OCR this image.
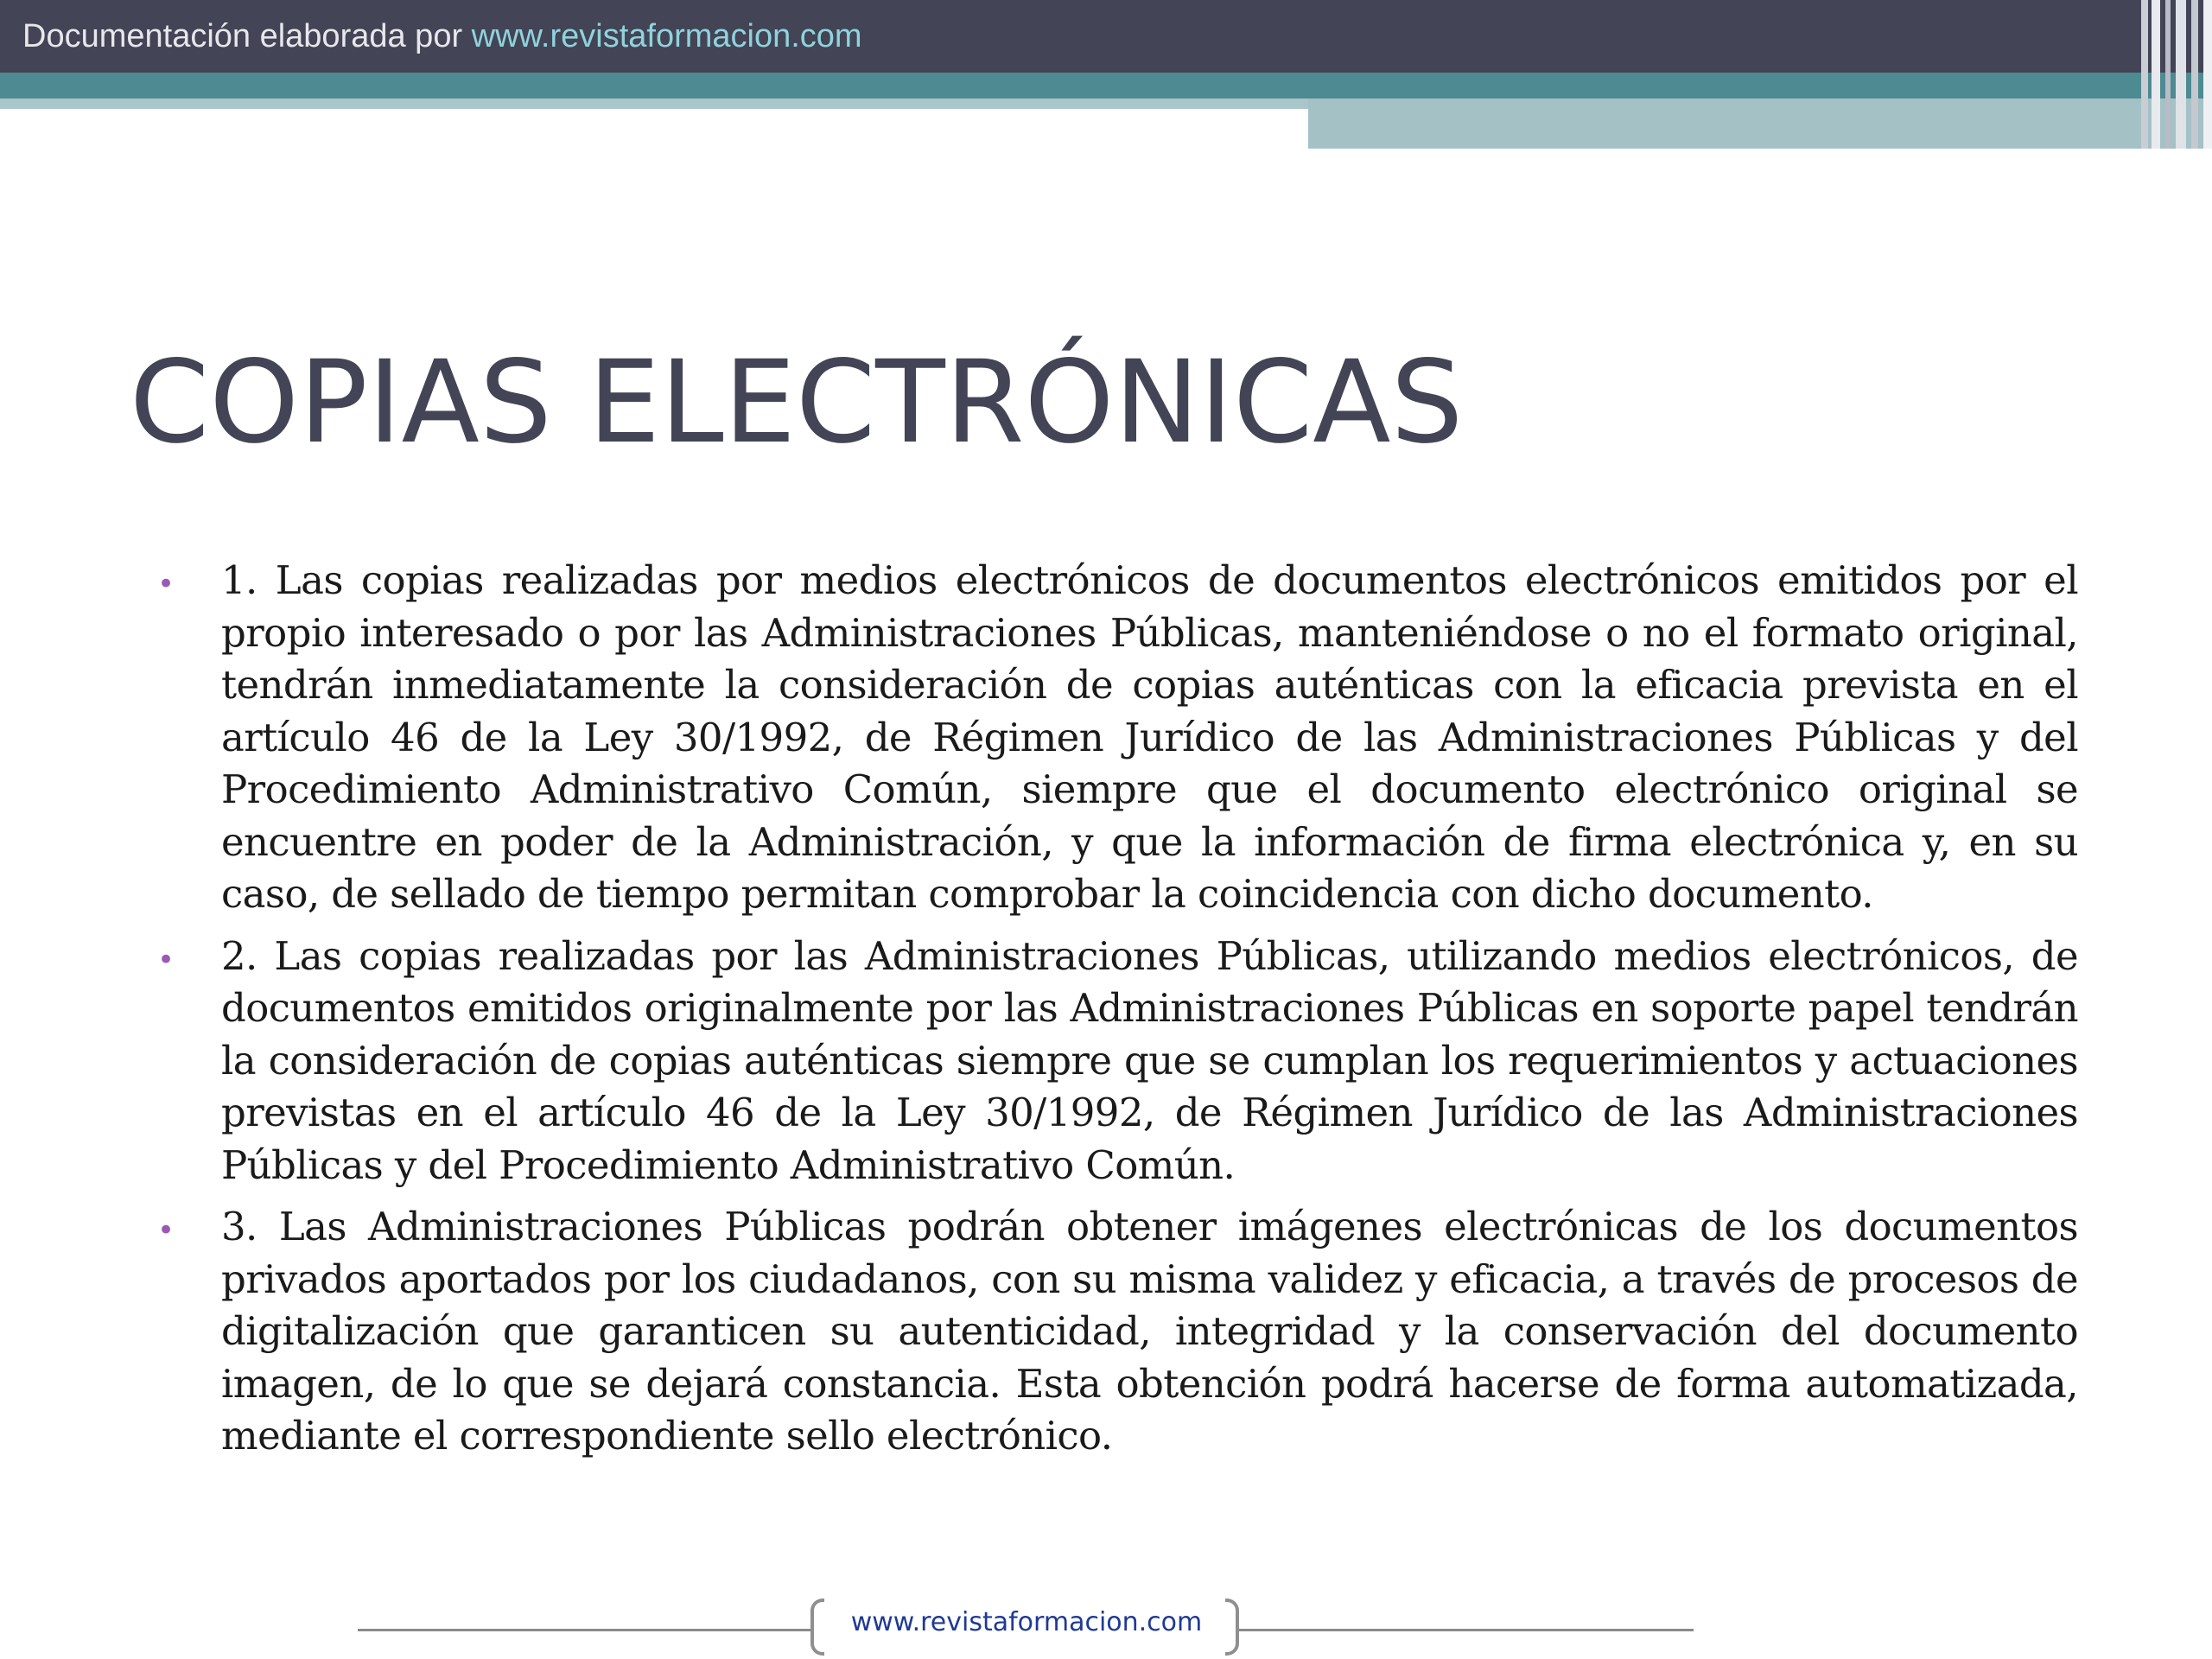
Documentación elaborada por www.revistaformacion.com
COPIAS ELECTRÓNICAS
• 1. Las copias realizadas por medios electrónicos de documentos electrónicos emitidos por el propio interesado o por las Administraciones Públicas, manteniéndose o no el formato original, tendrán inmediatamente la consideración de copias auténticas con la eficacia prevista en el artículo 46 de la Ley 30/1992, de Régimen Jurídico de las Administraciones Públicas y del Procedimiento Administrativo Común, siempre que el documento electrónico original se encuentre en poder de la Administración, y que la información de firma electrónica y, en su caso, de sellado de tiempo permitan comprobar la coincidencia con dicho documento.
• 2. Las copias realizadas por las Administraciones Públicas, utilizando medios electrónicos, de documentos emitidos originalmente por las Administraciones Públicas en soporte papel tendrán la consideración de copias auténticas siempre que se cumplan los requerimientos y actuaciones previstas en el artículo 46 de la Ley 30/1992, de Régimen Jurídico de las Administraciones Públicas y del Procedimiento Administrativo Común.
• 3. Las Administraciones Públicas podrán obtener imágenes electrónicas de los documentos privados aportados por los ciudadanos, con su misma validez y eficacia, a través de procesos de digitalización que garanticen su autenticidad, integridad y la conservación del documento imagen, de lo que se dejará constancia. Esta obtención podrá hacerse de forma automatizada, mediante el correspondiente sello electrónico.
www.revistaformacion.com
